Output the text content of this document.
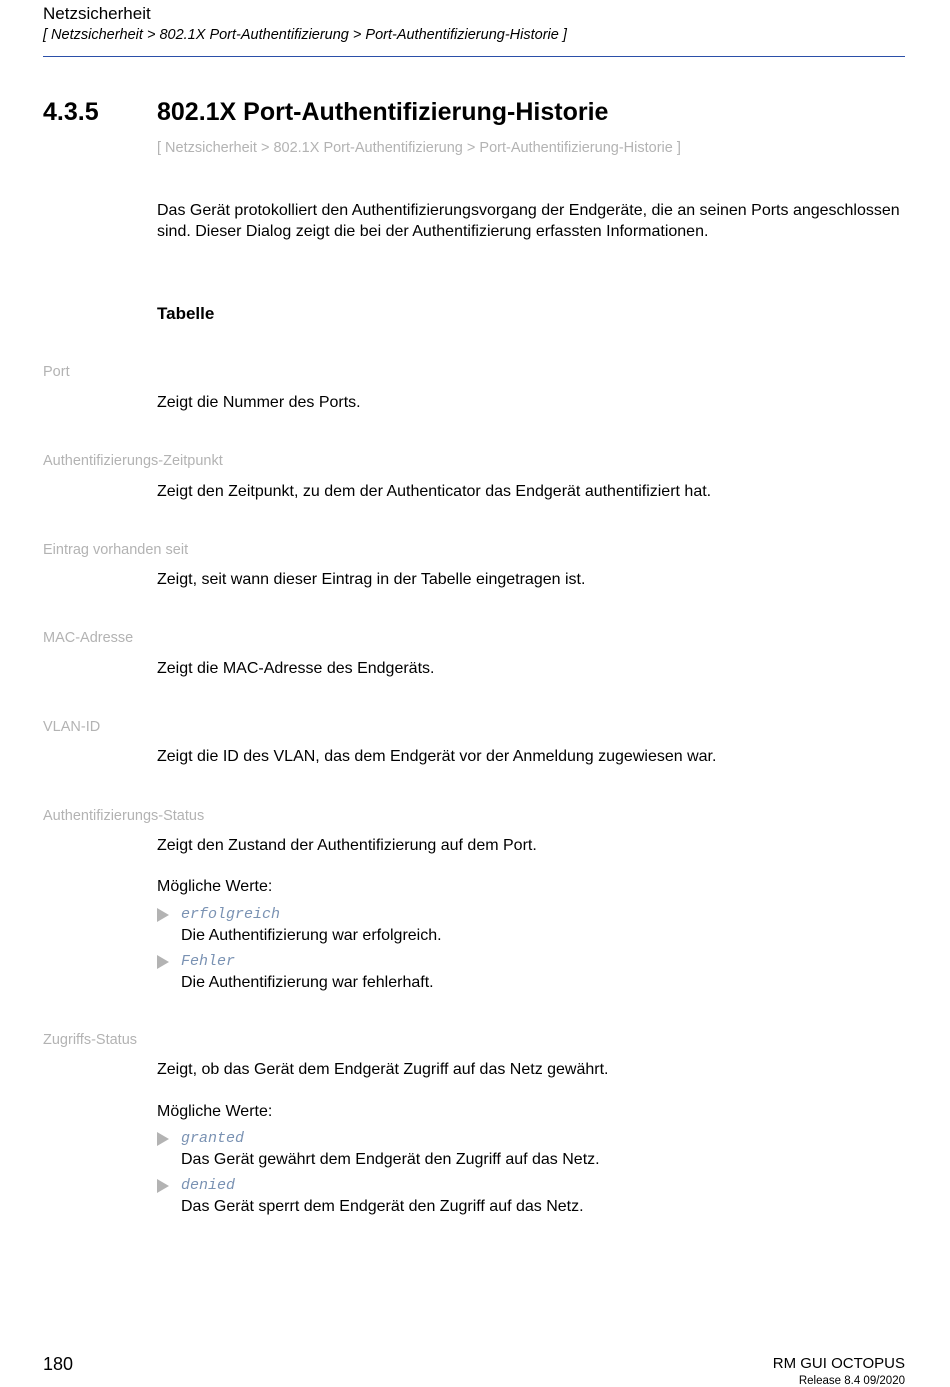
Netzsicherheit
[ Netzsicherheit > 802.1X Port-Authentifizierung > Port-Authentifizierung-Historie ]
4.3.5 802.1X Port-Authentifizierung-Historie
[ Netzsicherheit > 802.1X Port-Authentifizierung > Port-Authentifizierung-Historie ]
Das Gerät protokolliert den Authentifizierungsvorgang der Endgeräte, die an seinen Ports angeschlossen sind. Dieser Dialog zeigt die bei der Authentifizierung erfassten Informationen.
Tabelle
Port
Zeigt die Nummer des Ports.
Authentifizierungs-Zeitpunkt
Zeigt den Zeitpunkt, zu dem der Authenticator das Endgerät authentifiziert hat.
Eintrag vorhanden seit
Zeigt, seit wann dieser Eintrag in der Tabelle eingetragen ist.
MAC-Adresse
Zeigt die MAC-Adresse des Endgeräts.
VLAN-ID
Zeigt die ID des VLAN, das dem Endgerät vor der Anmeldung zugewiesen war.
Authentifizierungs-Status
Zeigt den Zustand der Authentifizierung auf dem Port.
Mögliche Werte:
erfolgreich
Die Authentifizierung war erfolgreich.
Fehler
Die Authentifizierung war fehlerhaft.
Zugriffs-Status
Zeigt, ob das Gerät dem Endgerät Zugriff auf das Netz gewährt.
Mögliche Werte:
granted
Das Gerät gewährt dem Endgerät den Zugriff auf das Netz.
denied
Das Gerät sperrt dem Endgerät den Zugriff auf das Netz.
180	RM GUI OCTOPUS
Release 8.4 09/2020
